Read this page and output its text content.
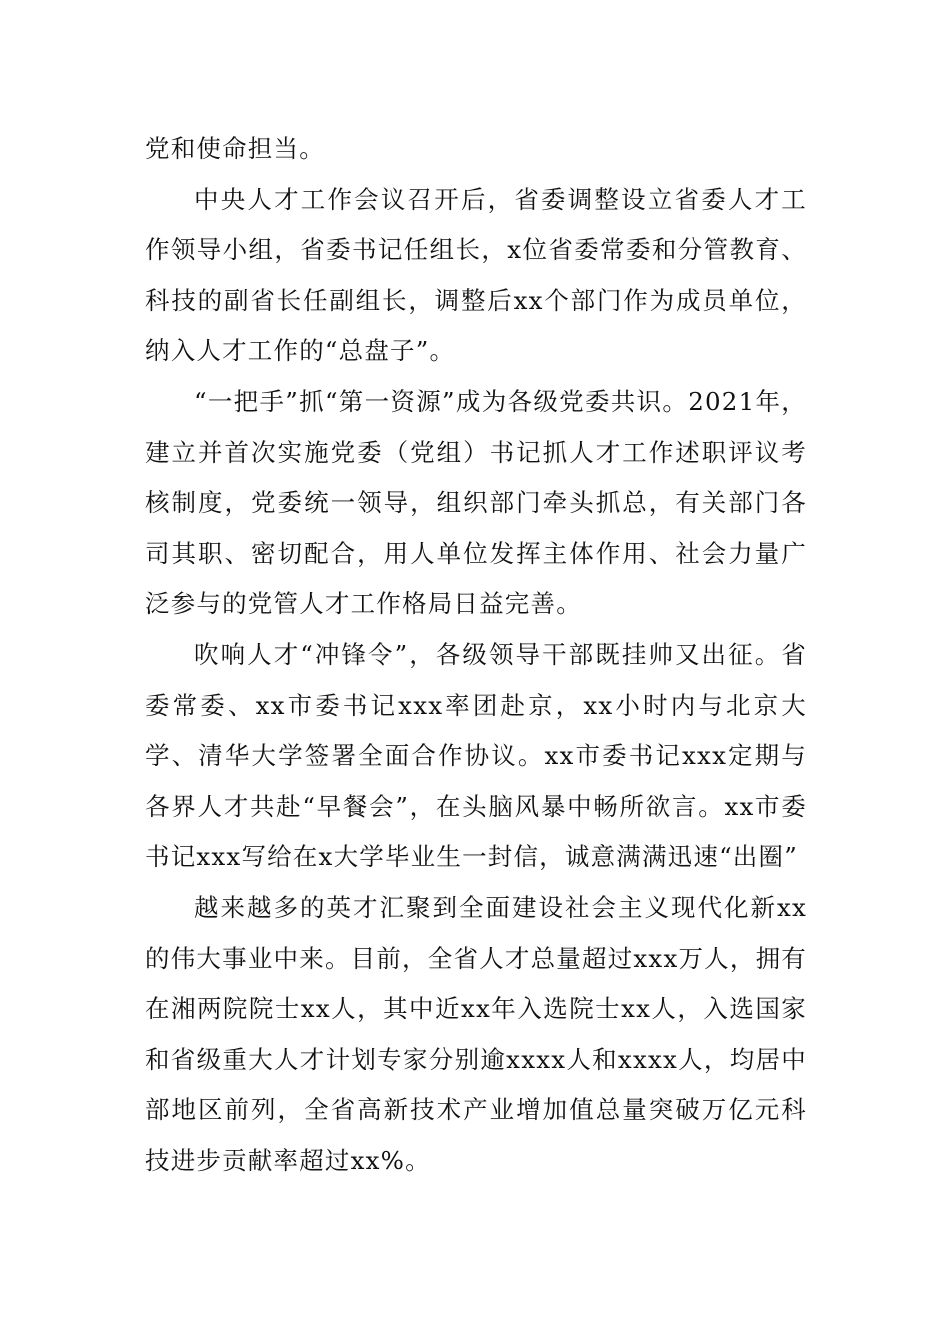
党和使命担当。

中央人才工作会议召开后，省委调整设立省委人才工作领导小组，省委书记任组长，x位省委常委和分管教育、科技的副省长任副组长，调整后xx个部门作为成员单位，纳入人才工作的“总盘子”。

“一把手”抓“第一资源”成为各级党委共识。2021年，建立并首次实施党委（党组）书记抓人才工作述职评议考核制度，党委统一领导，组织部门牵头抓总，有关部门各司其职、密切配合，用人单位发挥主体作用、社会力量广泛参与的党管人才工作格局日益完善。

吹响人才“冲锋令”，各级领导干部既挂帅又出征。省委常委、xx市委书记xxx率团赴京，xx小时内与北京大学、清华大学签署全面合作协议。xx市委书记xxx定期与各界人才共赴“早餐会”，在头脑风暴中畅所欲言。xx市委书记xxx写给在x大学毕业生一封信，诚意满满迅速“出圈”

越来越多的英才汇聚到全面建设社会主义现代化新xx的伟大事业中来。目前，全省人才总量超过xxx万人，拥有在湘两院院士xx人，其中近xx年入选院士xx人，入选国家和省级重大人才计划专家分别逾xxxx人和xxxx人，均居中部地区前列，全省高新技术产业增加值总量突破万亿元科技进步贡献率超过xx%。
